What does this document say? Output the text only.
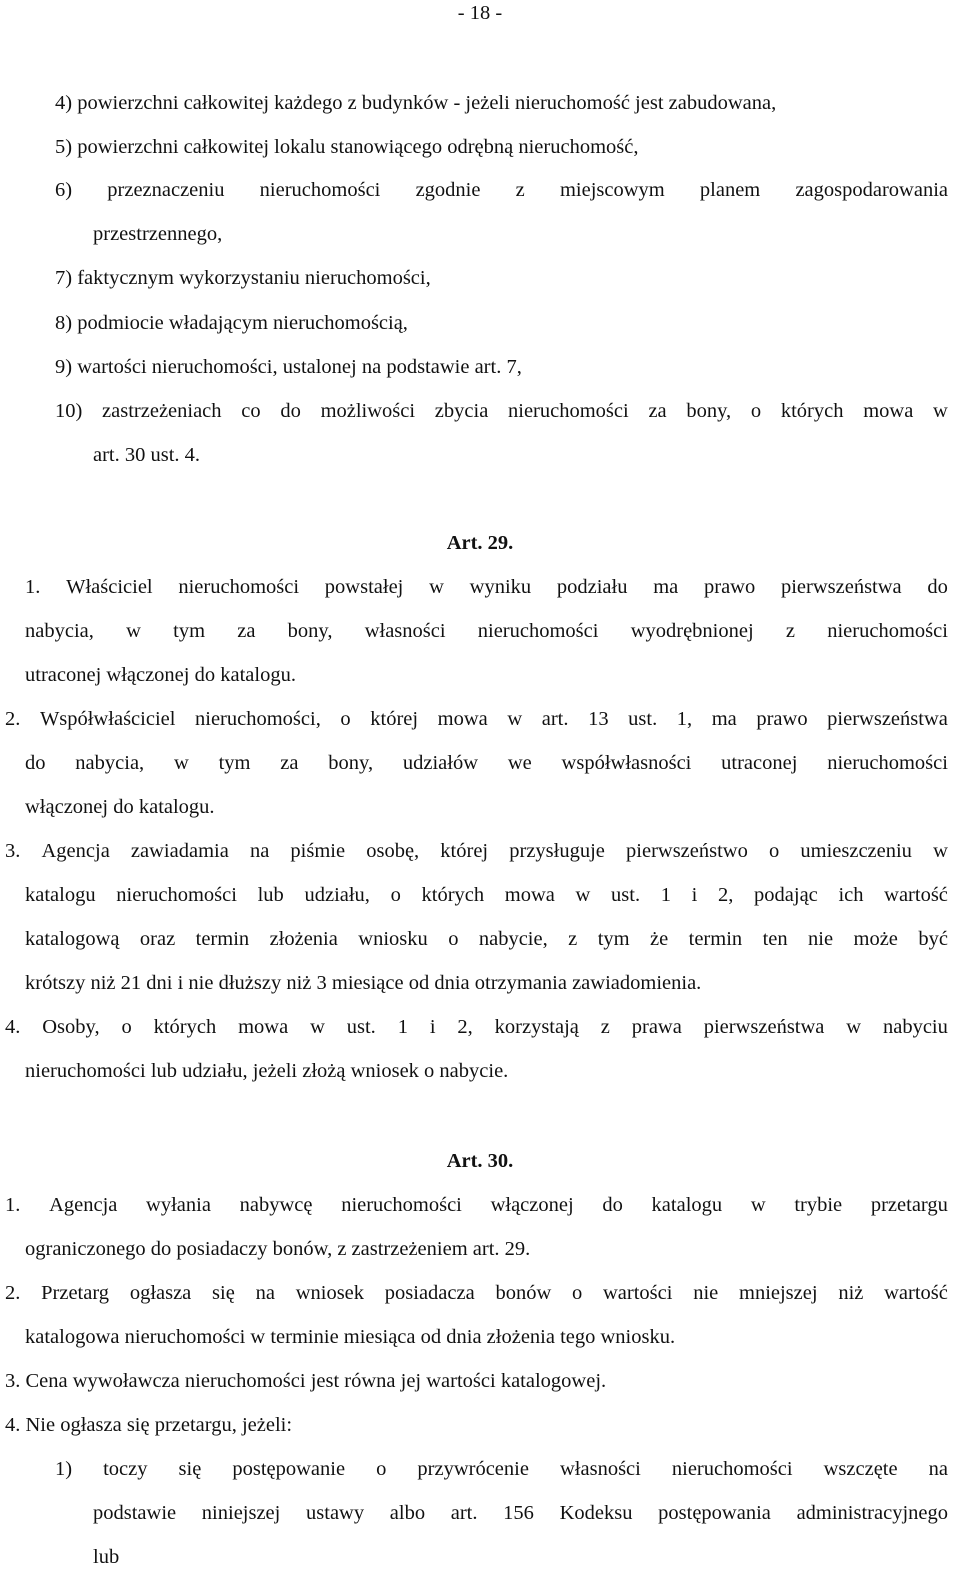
- 18 -
4) powierzchni całkowitej każdego z budynków - jeżeli nieruchomość jest zabudowana,
5) powierzchni całkowitej lokalu stanowiącego odrębną nieruchomość,
6) przeznaczeniu nieruchomości zgodnie z miejscowym planem zagospodarowania
przestrzennego,
7) faktycznym wykorzystaniu nieruchomości,
8) podmiocie władającym nieruchomością,
9) wartości nieruchomości, ustalonej na podstawie art. 7,
10) zastrzeżeniach co do możliwości zbycia nieruchomości za bony, o których mowa w
art. 30 ust. 4.
Art. 29.
1. Właściciel nieruchomości powstałej w wyniku podziału ma prawo pierwszeństwa do
nabycia, w tym za bony, własności nieruchomości wyodrębnionej z nieruchomości
utraconej włączonej do katalogu.
2. Współwłaściciel nieruchomości, o której mowa w art. 13 ust. 1, ma prawo pierwszeństwa
do nabycia, w tym za bony, udziałów we współwłasności utraconej nieruchomości
włączonej do katalogu.
3. Agencja zawiadamia na piśmie osobę, której przysługuje pierwszeństwo o umieszczeniu w
katalogu nieruchomości lub udziału, o których mowa w ust. 1 i 2, podając ich wartość
katalogową oraz termin złożenia wniosku o nabycie, z tym że termin ten nie może być
krótszy niż 21 dni i nie dłuższy niż 3 miesiące od dnia otrzymania zawiadomienia.
4. Osoby, o których mowa w ust. 1 i 2, korzystają z prawa pierwszeństwa w nabyciu
nieruchomości lub udziału, jeżeli złożą wniosek o nabycie.
Art. 30.
1. Agencja wyłania nabywcę nieruchomości włączonej do katalogu w trybie przetargu
ograniczonego do posiadaczy bonów, z zastrzeżeniem art. 29.
2. Przetarg ogłasza się na wniosek posiadacza bonów o wartości nie mniejszej niż wartość
katalogowa nieruchomości w terminie miesiąca od dnia złożenia tego wniosku.
3. Cena wywoławcza nieruchomości jest równa jej wartości katalogowej.
4. Nie ogłasza się przetargu, jeżeli:
1) toczy się postępowanie o przywrócenie własności nieruchomości wszczęte na
podstawie niniejszej ustawy albo art. 156 Kodeksu postępowania administracyjnego
lub
